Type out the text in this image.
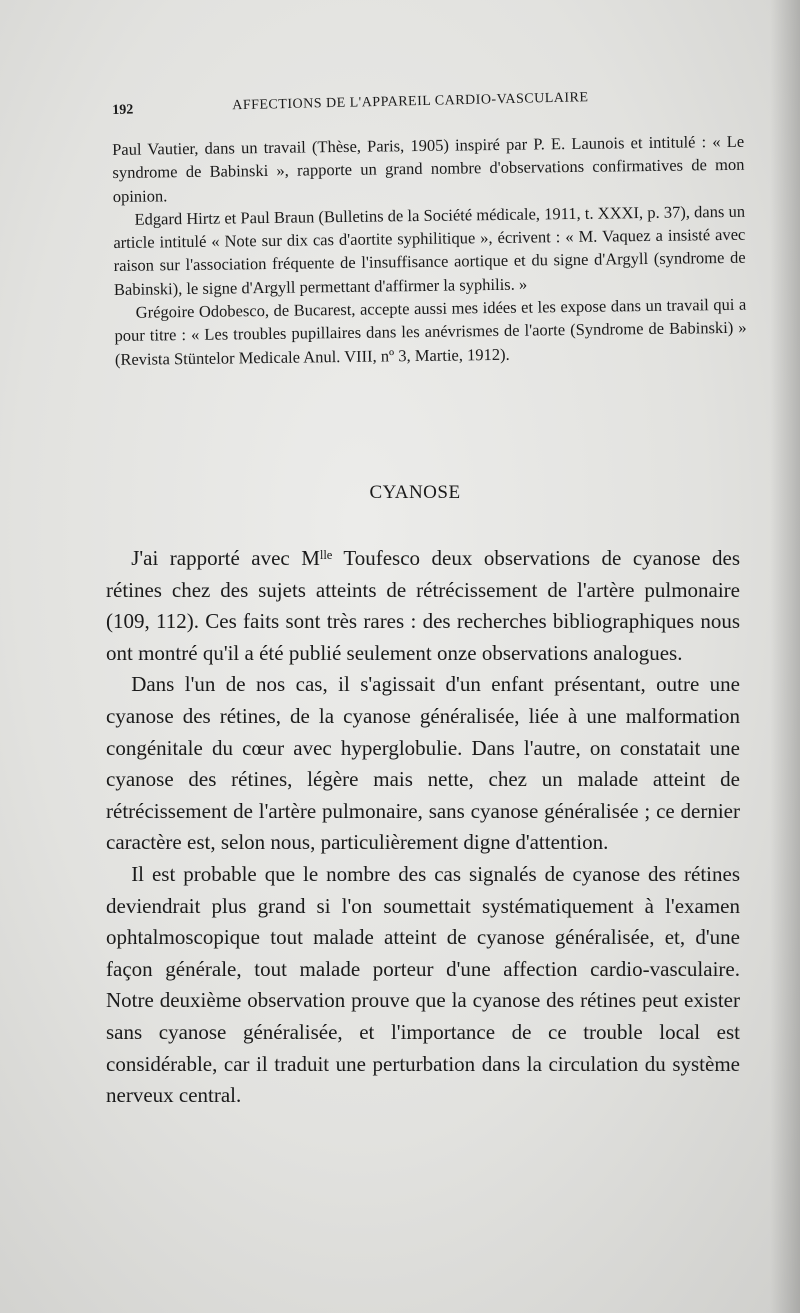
192	AFFECTIONS DE L'APPAREIL CARDIO-VASCULAIRE

Paul Vautier, dans un travail (Thèse, Paris, 1905) inspiré par P. E. Launois et intitulé : « Le syndrome de Babinski », rapporte un grand nombre d'observations confirmatives de mon opinion.

Edgard Hirtz et Paul Braun (Bulletins de la Société médicale, 1911, t. XXXI, p. 37), dans un article intitulé « Note sur dix cas d'aortite syphilitique », écrivent : « M. Vaquez a insisté avec raison sur l'association fréquente de l'insuffisance aortique et du signe d'Argyll (syndrome de Babinski), le signe d'Argyll permettant d'affirmer la syphilis. »

Grégoire Odobesco, de Bucarest, accepte aussi mes idées et les expose dans un travail qui a pour titre : « Les troubles pupillaires dans les anévrismes de l'aorte (Syndrome de Babinski) » (Revista Stüntelor Medicale Anul. VIII, nº 3, Martie, 1912).

CYANOSE

J'ai rapporté avec Mˡˡᵉ Toufesco deux observations de cyanose des rétines chez des sujets atteints de rétrécissement de l'artère pulmonaire (109, 112). Ces faits sont très rares : des recherches bibliographiques nous ont montré qu'il a été publié seulement onze observations analogues.

Dans l'un de nos cas, il s'agissait d'un enfant présentant, outre une cyanose des rétines, de la cyanose généralisée, liée à une malformation congénitale du cœur avec hyperglobulie. Dans l'autre, on constatait une cyanose des rétines, légère mais nette, chez un malade atteint de rétrécissement de l'artère pulmonaire, sans cyanose généralisée ; ce dernier caractère est, selon nous, particulièrement digne d'attention.

Il est probable que le nombre des cas signalés de cyanose des rétines deviendrait plus grand si l'on soumettait systématiquement à l'examen ophtalmoscopique tout malade atteint de cyanose généralisée, et, d'une façon générale, tout malade porteur d'une affection cardio-vasculaire. Notre deuxième observation prouve que la cyanose des rétines peut exister sans cyanose généralisée, et l'importance de ce trouble local est considérable, car il traduit une perturbation dans la circulation du système nerveux central.
